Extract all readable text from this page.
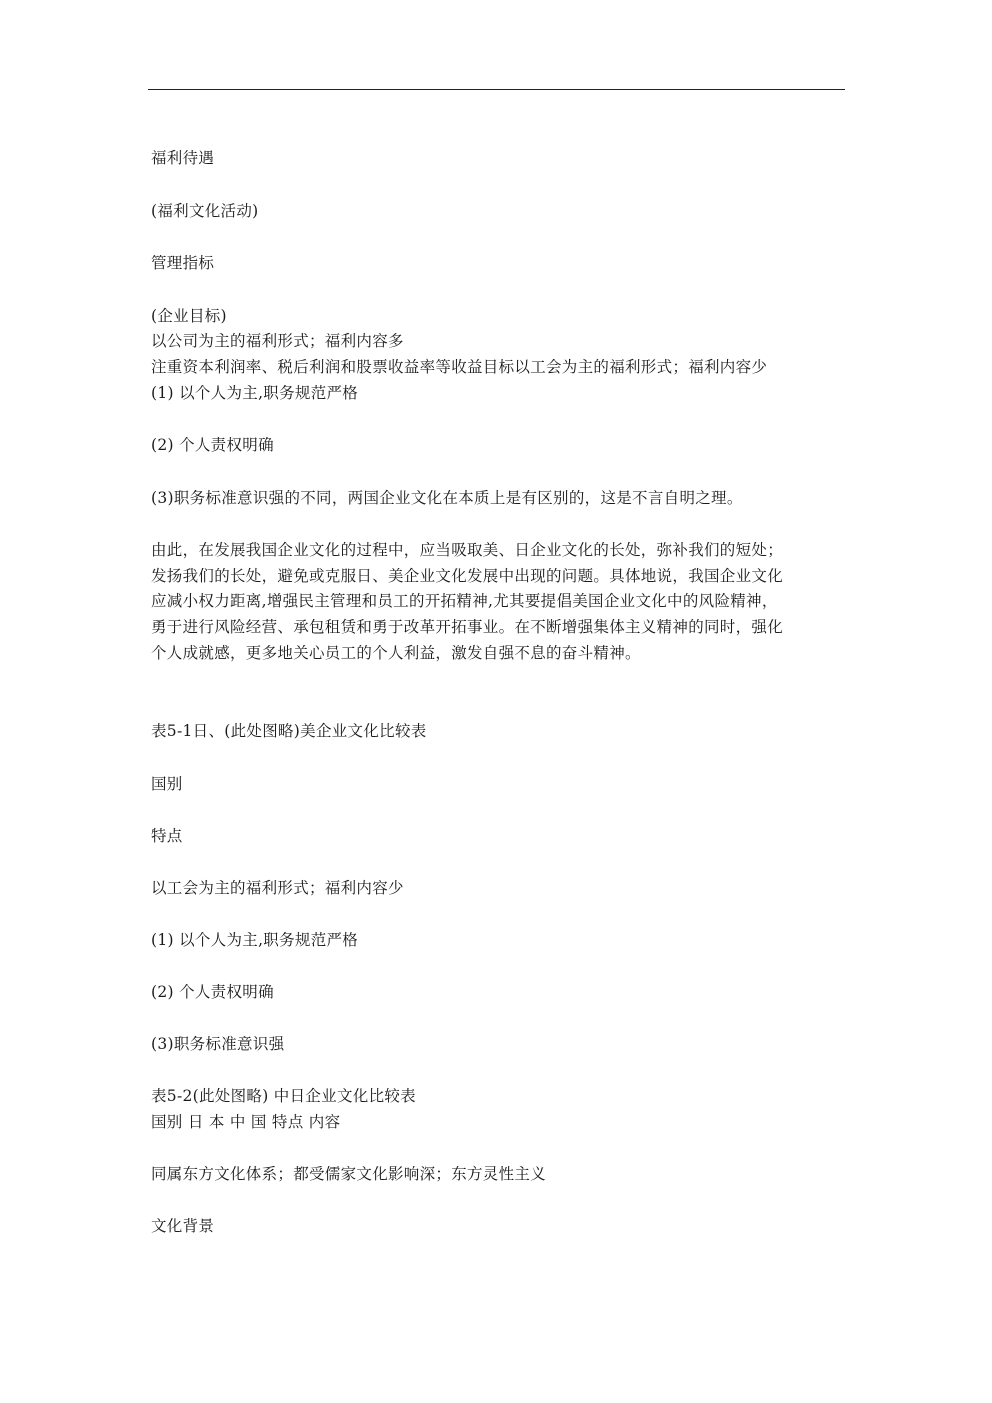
福利待遇
(福利文化活动)
管理指标
(企业目标)
以公司为主的福利形式；福利内容多
注重资本利润率、税后利润和股票收益率等收益目标以工会为主的福利形式；福利内容少
(1) 以个人为主,职务规范严格
(2) 个人责权明确
(3)职务标准意识强的不同，两国企业文化在本质上是有区别的，这是不言自明之理。
由此，在发展我国企业文化的过程中，应当吸取美、日企业文化的长处，弥补我们的短处；
发扬我们的长处，避免或克服日、美企业文化发展中出现的问题。具体地说，我国企业文化
应减小权力距离,增强民主管理和员工的开拓精神,尤其要提倡美国企业文化中的风险精神，
勇于进行风险经营、承包租赁和勇于改革开拓事业。在不断增强集体主义精神的同时，强化
个人成就感，更多地关心员工的个人利益，激发自强不息的奋斗精神。
表5-1日、(此处图略)美企业文化比较表
国别
特点
以工会为主的福利形式；福利内容少
(1) 以个人为主,职务规范严格
(2) 个人责权明确
(3)职务标准意识强
表5-2(此处图略) 中日企业文化比较表
国别 日 本 中 国 特点 内容
同属东方文化体系；都受儒家文化影响深；东方灵性主义
文化背景
